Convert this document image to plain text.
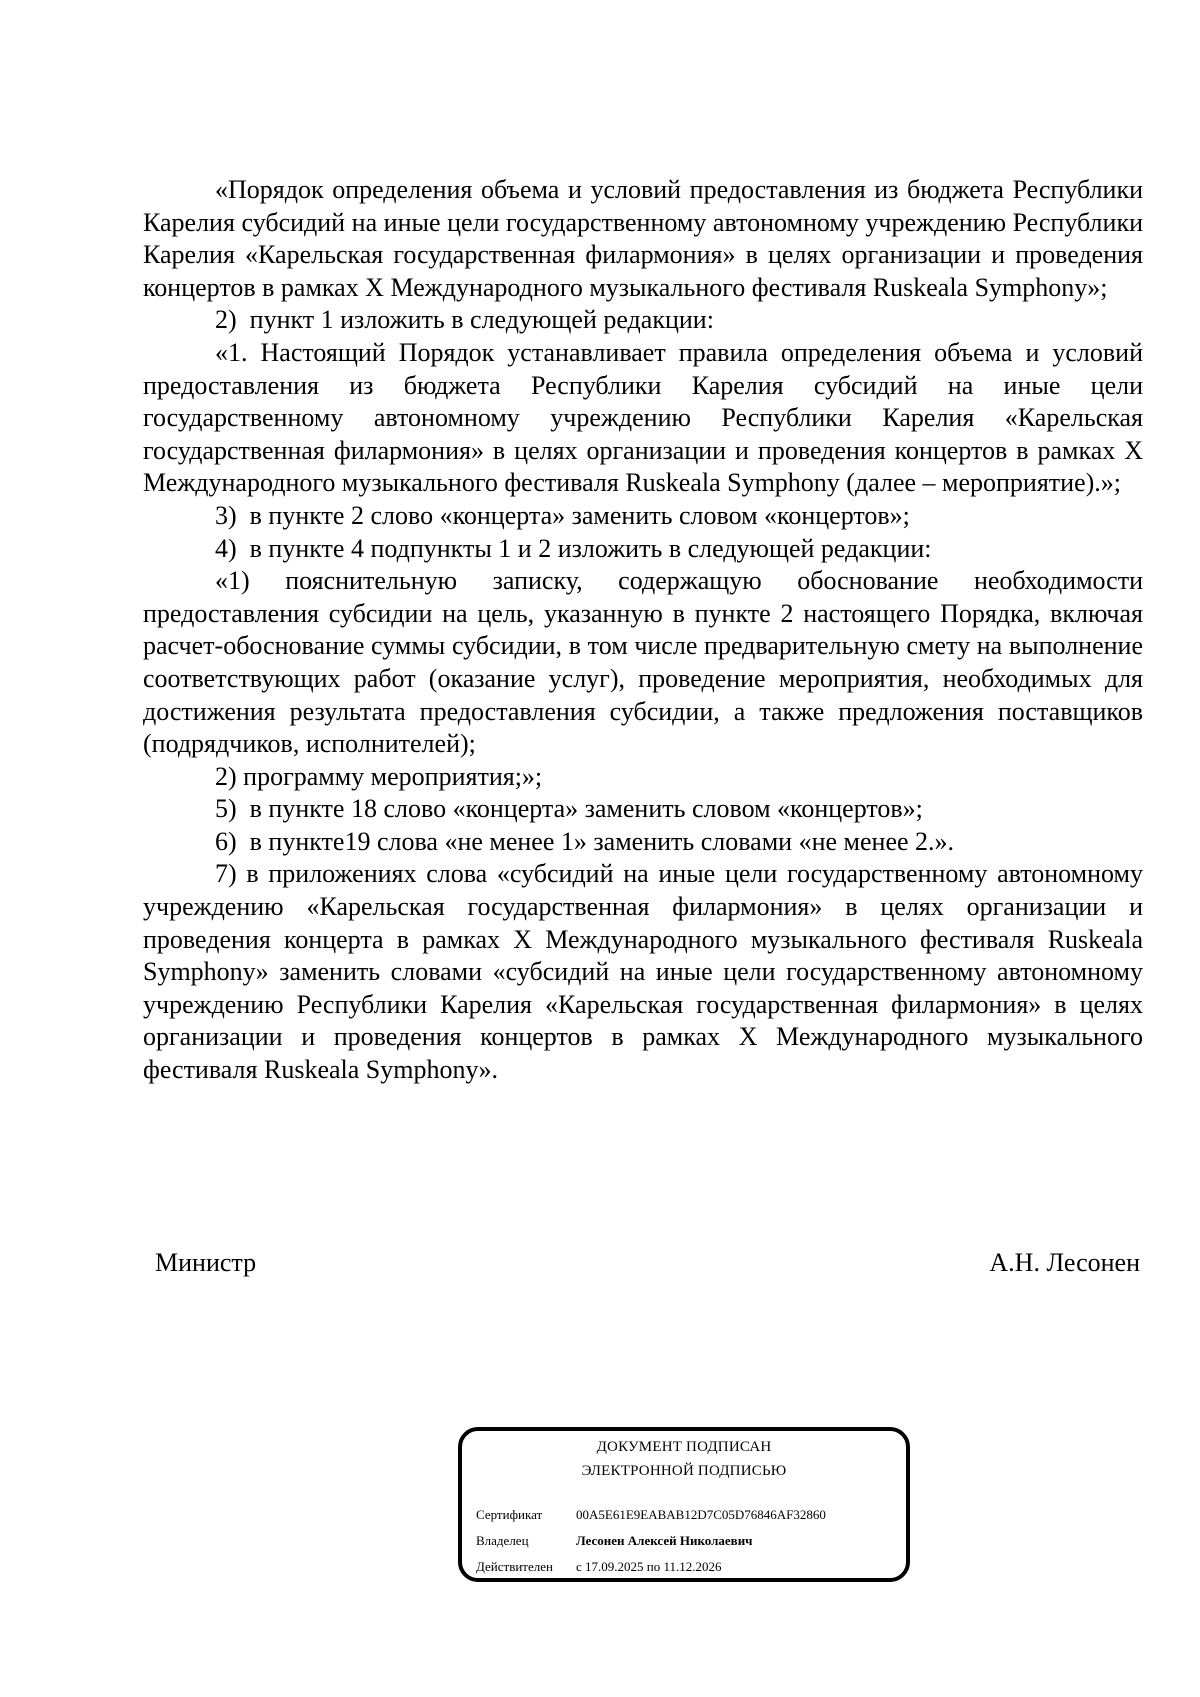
«Порядок определения объема и условий предоставления из бюджета Республики Карелия субсидий на иные цели государственному автономному учреждению Республики Карелия «Карельская государственная филармония» в целях организации и проведения концертов в рамках X Международного музыкального фестиваля Ruskeala Symphony»;

2)  пункт 1 изложить в следующей редакции:

«1. Настоящий Порядок устанавливает правила определения объема и условий предоставления из бюджета Республики Карелия субсидий на иные цели государственному автономному учреждению Республики Карелия «Карельская государственная филармония» в целях организации и проведения концертов в рамках X Международного музыкального фестиваля Ruskeala Symphony (далее – мероприятие).»;

3)  в пункте 2 слово «концерта» заменить словом «концертов»;

4)  в пункте 4 подпункты 1 и 2 изложить в следующей редакции:

«1) пояснительную записку, содержащую обоснование необходимости предоставления субсидии на цель, указанную в пункте 2 настоящего Порядка, включая расчет-обоснование суммы субсидии, в том числе предварительную смету на выполнение соответствующих работ (оказание услуг), проведение мероприятия, необходимых для достижения результата предоставления субсидии, а также предложения поставщиков (подрядчиков, исполнителей);

2) программу мероприятия;»;

5)  в пункте 18 слово «концерта» заменить словом «концертов»;

6)  в пункте19 слова «не менее 1» заменить словами «не менее 2.».

7) в приложениях слова «субсидий на иные цели государственному автономному учреждению «Карельская государственная филармония» в целях организации и проведения концерта в рамках X Международного музыкального фестиваля Ruskeala Symphony» заменить словами «субсидий на иные цели государственному автономному учреждению Республики Карелия «Карельская государственная филармония» в целях организации и проведения концертов в рамках X Международного музыкального фестиваля Ruskeala Symphony».

Министр	А.Н. Лесонен
ДОКУМЕНТ ПОДПИСАН
ЭЛЕКТРОННОЙ ПОДПИСЬЮ
Сертификат	00A5E61E9EABAB12D7C05D76846AF32860
Владелец	Лесонен Алексей Николаевич
Действителен с 17.09.2025 по 11.12.2026
